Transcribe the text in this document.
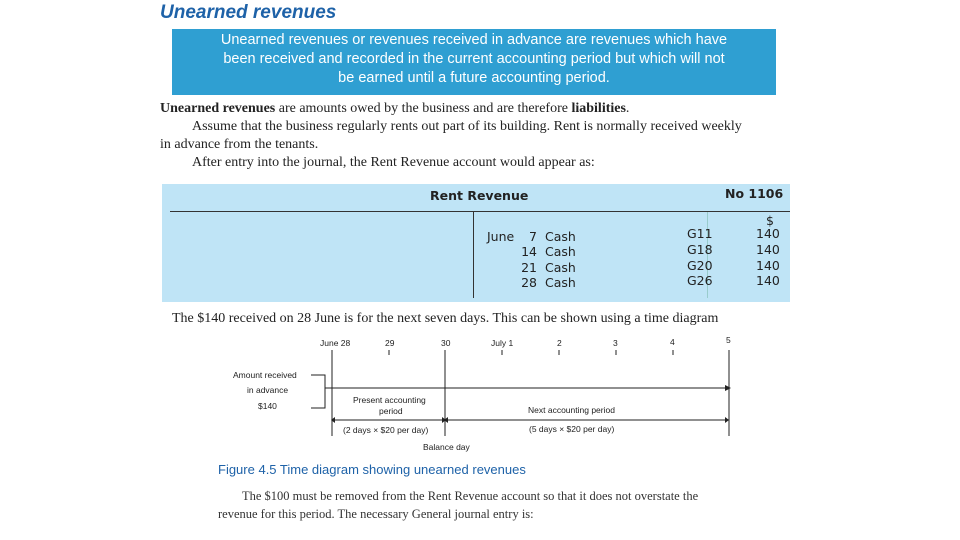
Unearned revenues
Unearned revenues or revenues received in advance are revenues which have
been received and recorded in the current accounting period but which will not
be earned until a future accounting period.
Unearned revenues are amounts owed by the business and are therefore liabilities.
Assume that the business regularly rents out part of its building. Rent is normally received weekly
in advance from the tenants.
After entry into the journal, the Rent Revenue account would appear as:
Rent Revenue	No 1106
$
June	7 Cash	G11	140
14 Cash	G18	140
21 Cash	G20	140
28 Cash	G26	140
The $140 received on 28 June is for the next seven days. This can be shown using a time diagram
June 28	29	30	July 1	2	3	4	5
Amount received
in advance
$140
Present accounting
period	Next accounting period
(2 days × $20 per day)	(5 days × $20 per day)
Balance day
Figure 4.5 Time diagram showing unearned revenues
The $100 must be removed from the Rent Revenue account so that it does not overstate the
revenue for this period. The necessary General journal entry is:
